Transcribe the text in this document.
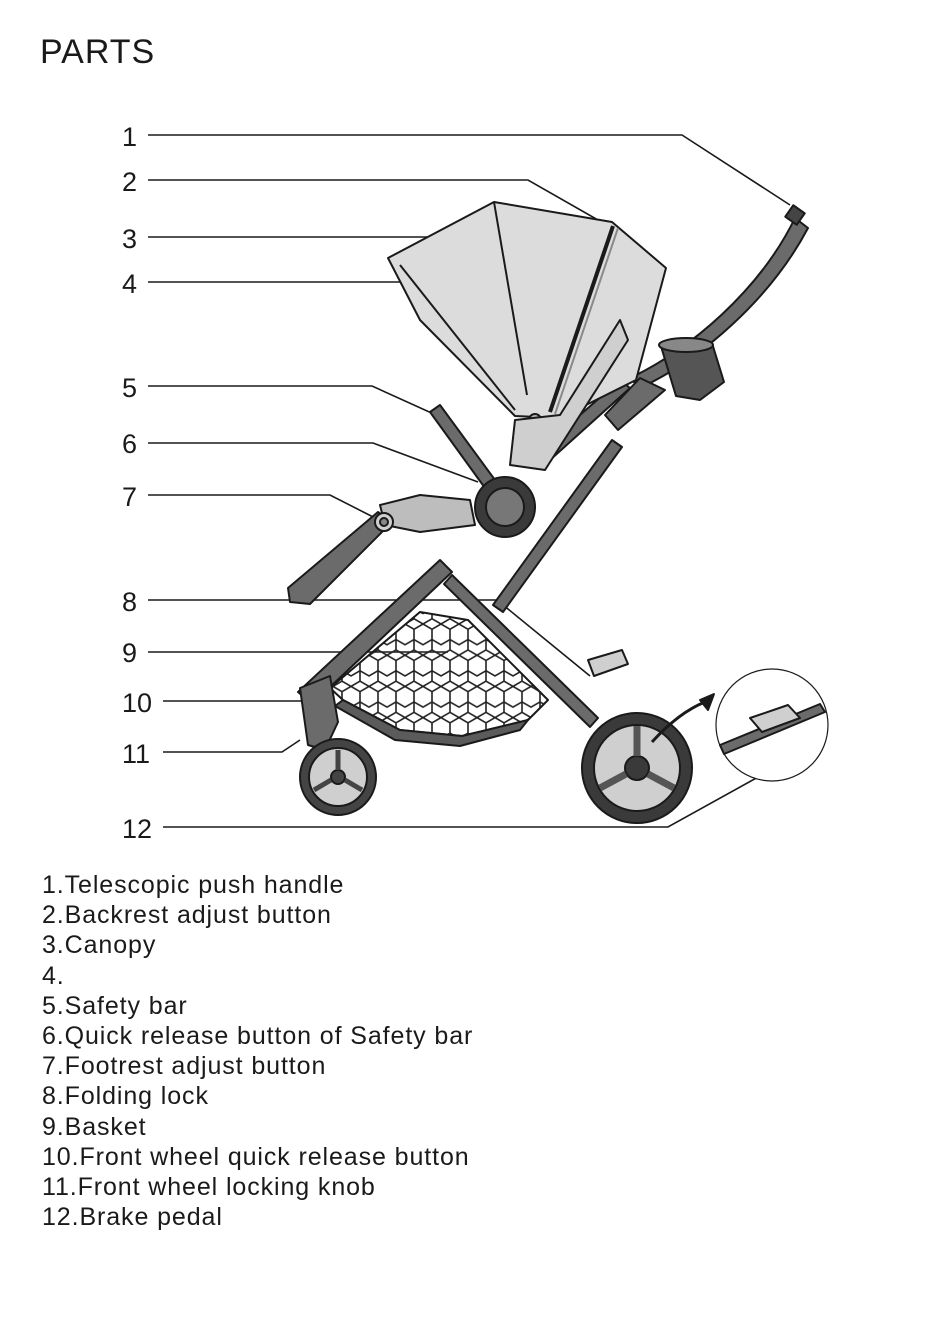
PARTS
1
2
3
4
5
6
7
8
9
10
11
12
1.Telescopic push handle
2.Backrest adjust button
3.Canopy
4.
5.Safety bar
6.Quick release button of Safety bar
7.Footrest adjust button
8.Folding lock
9.Basket
10.Front wheel quick release button
11.Front wheel locking knob
12.Brake pedal
